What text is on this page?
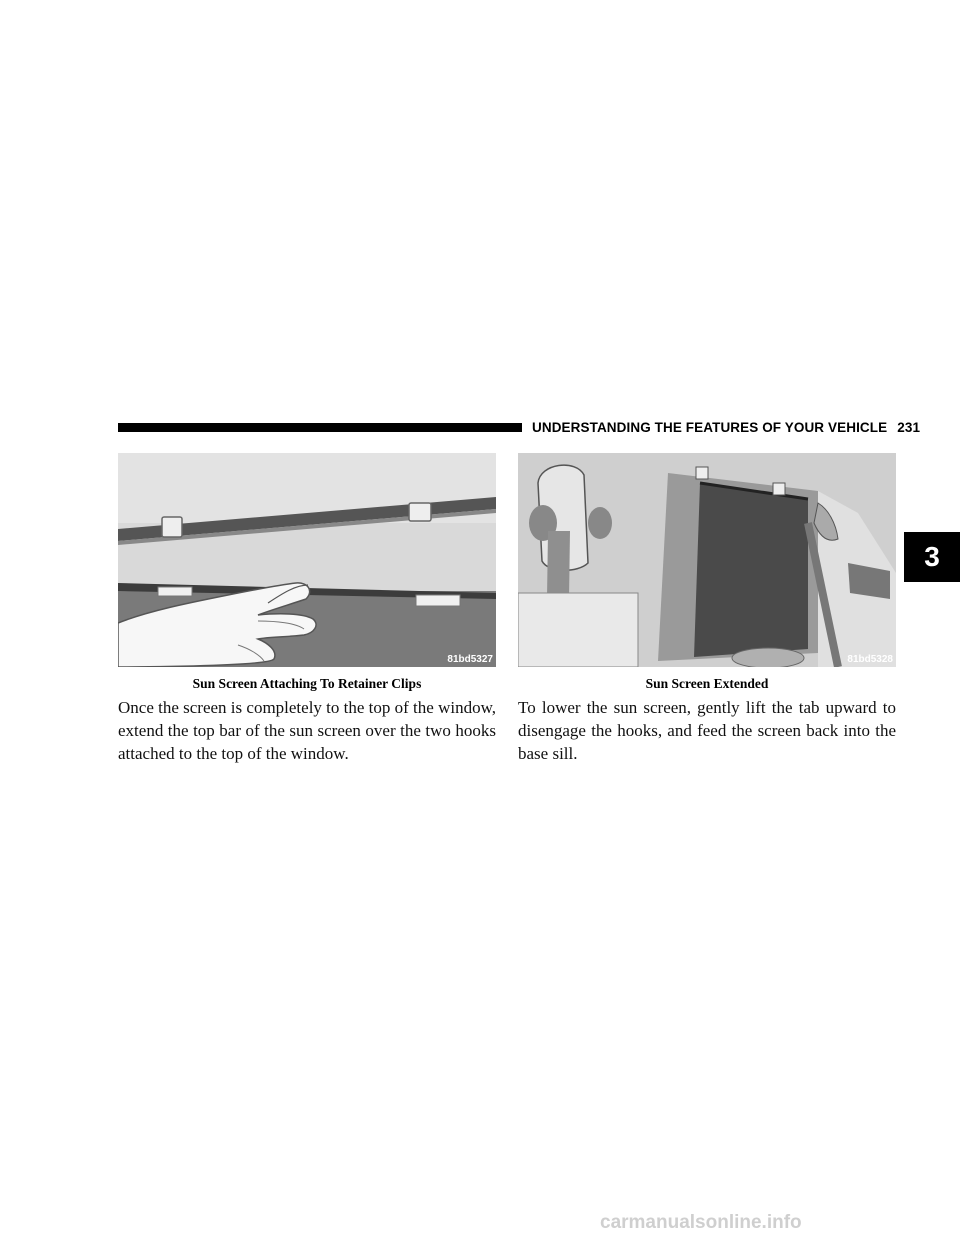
UNDERSTANDING THE FEATURES OF YOUR VEHICLE 231
3
81bd5327	81bd5328
Sun Screen Attaching To Retainer Clips	Sun Screen Extended

Once the screen is completely to the top of the window, extend the top bar of the sun screen over the two hooks attached to the top of the window.

To lower the sun screen, gently lift the tab upward to disengage the hooks, and feed the screen back into the base sill.

carmanualsonline.info
